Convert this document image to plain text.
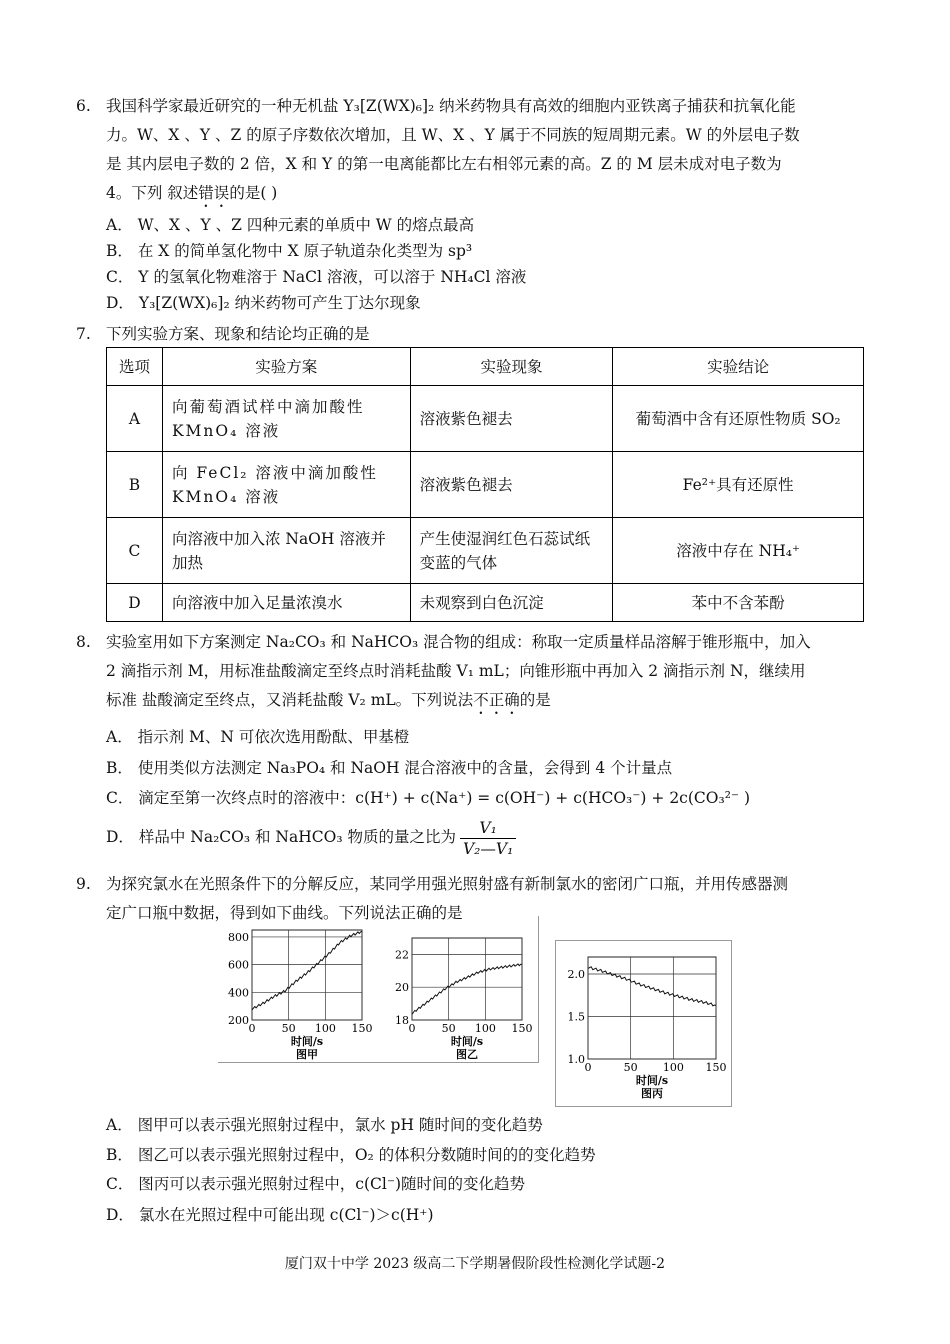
6. 我国科学家最近研究的一种无机盐 Y₃[Z(WX)₆]₂ 纳米药物具有高效的细胞内亚铁离子捕获和抗氧化能
力。W、X 、Y 、Z 的原子序数依次增加，且 W、X 、Y 属于不同族的短周期元素。W 的外层电子数
是 其内层电子数的 2 倍，X 和 Y 的第一电离能都比左右相邻元素的高。Z 的 M 层未成对电子数为
4。下列 叙述错误的是( )
A． W、X 、Y 、Z 四种元素的单质中 W 的熔点最高
B． 在 X 的简单氢化物中 X 原子轨道杂化类型为 sp³
C． Y 的氢氧化物难溶于 NaCl 溶液，可以溶于 NH₄Cl 溶液
D． Y₃[Z(WX)₆]₂ 纳米药物可产生丁达尔现象
7. 下列实验方案、现象和结论均正确的是
选项	实验方案	实验现象	实验结论
A	向葡萄酒试样中滴加酸性 KMnO₄ 溶液	溶液紫色褪去	葡萄酒中含有还原性物质 SO₂
B	向 FeCl₂ 溶液中滴加酸性 KMnO₄ 溶液	溶液紫色褪去	Fe²⁺具有还原性
C	向溶液中加入浓 NaOH 溶液并加热	产生使湿润红色石蕊试纸变蓝的气体	溶液中存在 NH₄⁺
D	向溶液中加入足量浓溴水	未观察到白色沉淀	苯中不含苯酚
8. 实验室用如下方案测定 Na₂CO₃ 和 NaHCO₃ 混合物的组成：称取一定质量样品溶解于锥形瓶中，加入
2 滴指示剂 M，用标准盐酸滴定至终点时消耗盐酸 V₁ mL；向锥形瓶中再加入 2 滴指示剂 N，继续用
标准 盐酸滴定至终点，又消耗盐酸 V₂ mL。下列说法不正确的是
A． 指示剂 M、N 可依次选用酚酞、甲基橙
B． 使用类似方法测定 Na₃PO₄ 和 NaOH 混合溶液中的含量，会得到 4 个计量点
C． 滴定至第一次终点时的溶液中：c(H⁺) + c(Na⁺) = c(OH⁻) + c(HCO₃⁻) + 2c(CO₃²⁻ )
D． 样品中 Na₂CO₃ 和 NaHCO₃ 物质的量之比为 $\frac{\text{V₁}}{\text{V₂—V₁}}$
9. 为探究氯水在光照条件下的分解反应，某同学用强光照射盛有新制氯水的密闭广口瓶，并用传感器测
定广口瓶中数据，得到如下曲线。下列说法正确的是
0 50 100 150
200
400
600
800
时间/s
图甲
0 50 100 150
18
20
22
时间/s
图乙
0	50 100 150
1.0
1.5
2.0
时间/s
图丙
A． 图甲可以表示强光照射过程中，氯水 pH 随时间的变化趋势
B． 图乙可以表示强光照射过程中，O₂ 的体积分数随时间的的变化趋势
C． 图丙可以表示强光照射过程中，c(Cl⁻)随时间的变化趋势
D． 氯水在光照过程中可能出现 c(Cl⁻)＞c(H⁺)
厦门双十中学 2023 级高二下学期暑假阶段性检测化学试题-2
